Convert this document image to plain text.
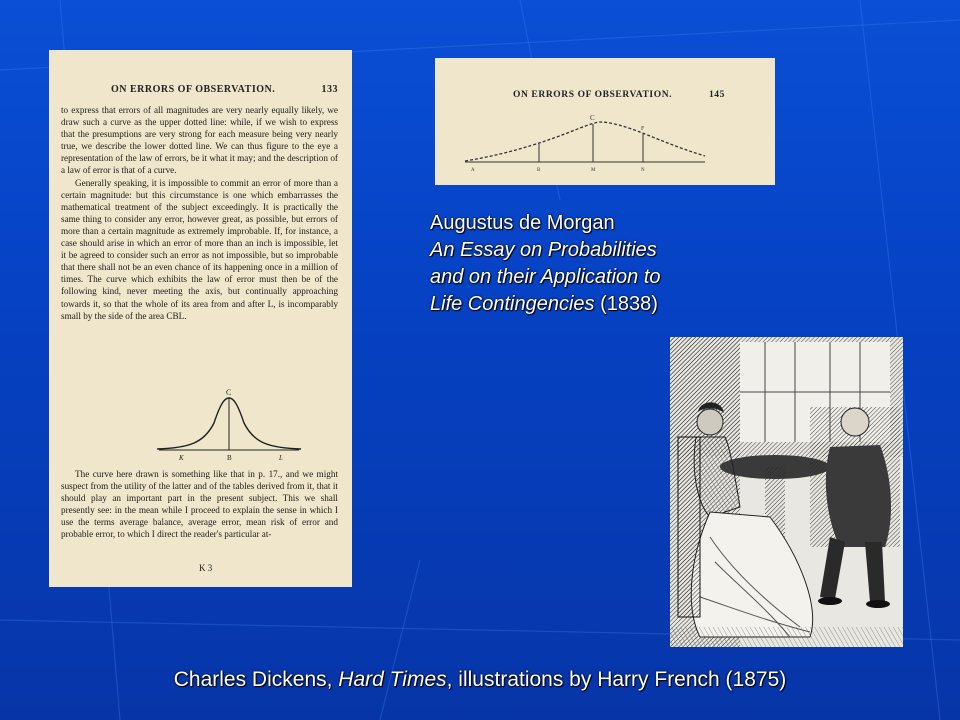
ON ERRORS OF OBSERVATION.	133

to express that errors of all magnitudes are very nearly equally likely, we draw such a curve as the upper dotted line: while, if we wish to express that the presumptions are very strong for each measure being very nearly true, we describe the lower dotted line. We can thus figure to the eye a representation of the law of errors, be it what it may; and the description of a law of error is that of a curve.

Generally speaking, it is impossible to commit an error of more than a certain magnitude: but this circumstance is one which embarrasses the mathematical treatment of the subject exceedingly. It is practically the same thing to consider any error, however great, as possible, but errors of more than a certain magnitude as extremely improbable. If, for instance, a case should arise in which an error of more than an inch is impossible, let it be agreed to consider such an error as not impossible, but so improbable that there shall not be an even chance of its happening once in a million of times. The curve which exhibits the law of error must then be of the following kind, never meeting the axis, but continually approaching towards it, so that the whole of its area from and after L, is incomparably small by the side of the area CBL.

C
K	B	L

The curve here drawn is something like that in p. 17., and we might suspect from the utility of the latter and of the tables derived from it, that it should play an important part in the present subject. This we shall presently see: in the mean while I proceed to explain the sense in which I use the terms average balance, average error, mean risk of error and probable error, to which I direct the reader's particular at-

K 3
ON ERRORS OF OBSERVATION.	145
C
F
A	B	M	N
Augustus de Morgan
An Essay on Probabilities
and on their Application to
Life Contingencies (1838)
Charles Dickens, Hard Times, illustrations by Harry French (1875)
